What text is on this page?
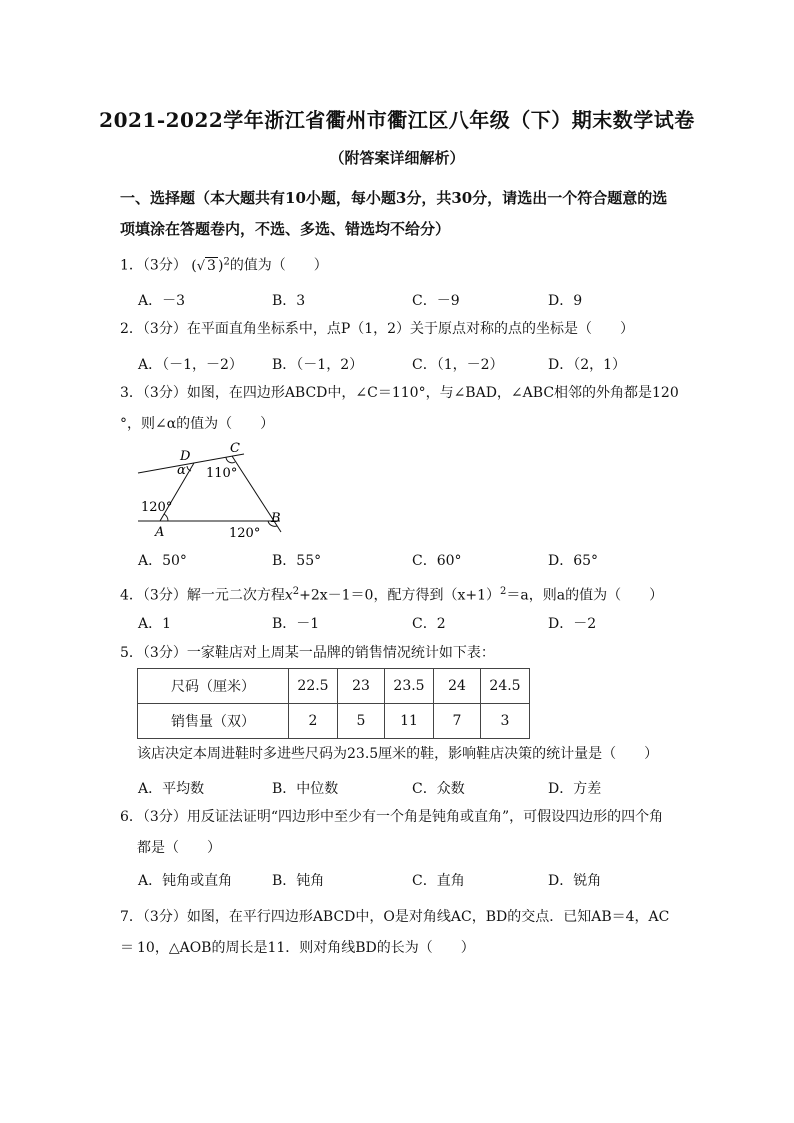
2021-2022学年浙江省衢州市衢江区八年级（下）期末数学试卷
（附答案详细解析）
一、选择题（本大题共有10小题，每小题3分，共30分，请选出一个符合题意的选项填涂在答题卷内，不选、多选、错选均不给分）
1．（3分） (√ 3 )$^2$的值为（　　）
A．－3	B．3	C．－9	D．9
2．（3分）在平面直角坐标系中，点P（1，2）关于原点对称的点的坐标是（　　）
A．（－1，－2） B．（－1，2）	C．（1，－2）	D．（2，1）
3．（3分）如图，在四边形ABCD中，∠C＝110°，与∠BAD，∠ABC相邻的外角都是120
°，则∠α的值为（　　）
D
C
α 110°
120°
A	120°
B
A．50°	B．55°	C．60°	D．65°
4．（3分）解一元二次方程$x^2+2x-1=0$，配方得到$(x+1)^2=a$，则a的值为（　　）
A．1	B．－1	C．2	D．－2
5．（3分）一家鞋店对上周某一品牌的销售情况统计如下表：
尺码（厘米）	22.5	23	23.5	24	24.5
销售量（双）	2	5	11	7	3
该店决定本周进鞋时多进些尺码为23.5厘米的鞋，影响鞋店决策的统计量是（　　）
A．平均数	B．中位数	C．众数	D．方差
6．（3分）用反证法证明“四边形中至少有一个角是钝角或直角”，可假设四边形的四个角
都是（　　）
A．钝角或直角	B．钝角	C．直角	D．锐角
7．（3分）如图，在平行四边形ABCD中，O是对角线AC，BD的交点．已知AB＝4，AC＝ 10，△AOB的周长是11．则对角线BD的长为（　　）
